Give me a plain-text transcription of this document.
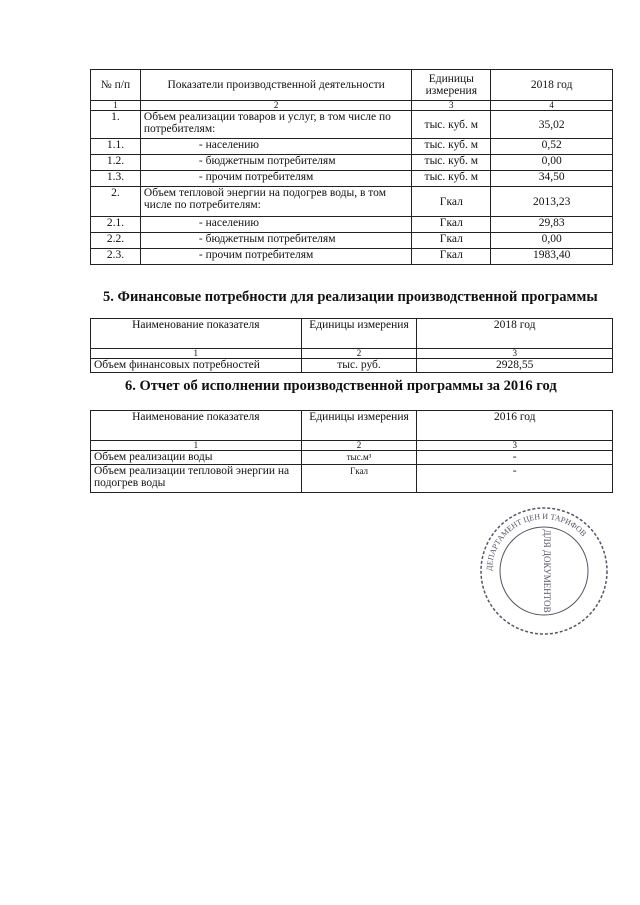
№ п/п	Показатели производственной деятельности	Единицы измерения	2018 год
1	2	3	4
1.	Объем реализации товаров и услуг, в том числе по потребителям:	тыс. куб. м	35,02
1.1.	- населению	тыс. куб. м	0,52
1.2.	- бюджетным потребителям	тыс. куб. м	0,00
1.3.	- прочим потребителям	тыс. куб. м	34,50
2.	Объем тепловой энергии на подогрев воды, в том числе по потребителям:	Гкал	2013,23
2.1.	- населению	Гкал	29,83
2.2.	- бюджетным потребителям	Гкал	0,00
2.3.	- прочим потребителям	Гкал	1983,40
5. Финансовые потребности для реализации производственной программы
Наименование показателя	Единицы измерения	2018 год
1	2	3
Объем финансовых потребностей	тыс. руб.	2928,55
6. Отчет об исполнении производственной программы за 2016 год
Наименование показателя	Единицы измерения	2016 год
1	2	3
Объем реализации воды	тыс.м³	-
Объем реализации тепловой энергии на подогрев воды	Гкал	-
ДЕПАРТАМЕНТ ЦЕН И ТАРИФОВ
ДЛЯ ДОКУМЕНТОВ
